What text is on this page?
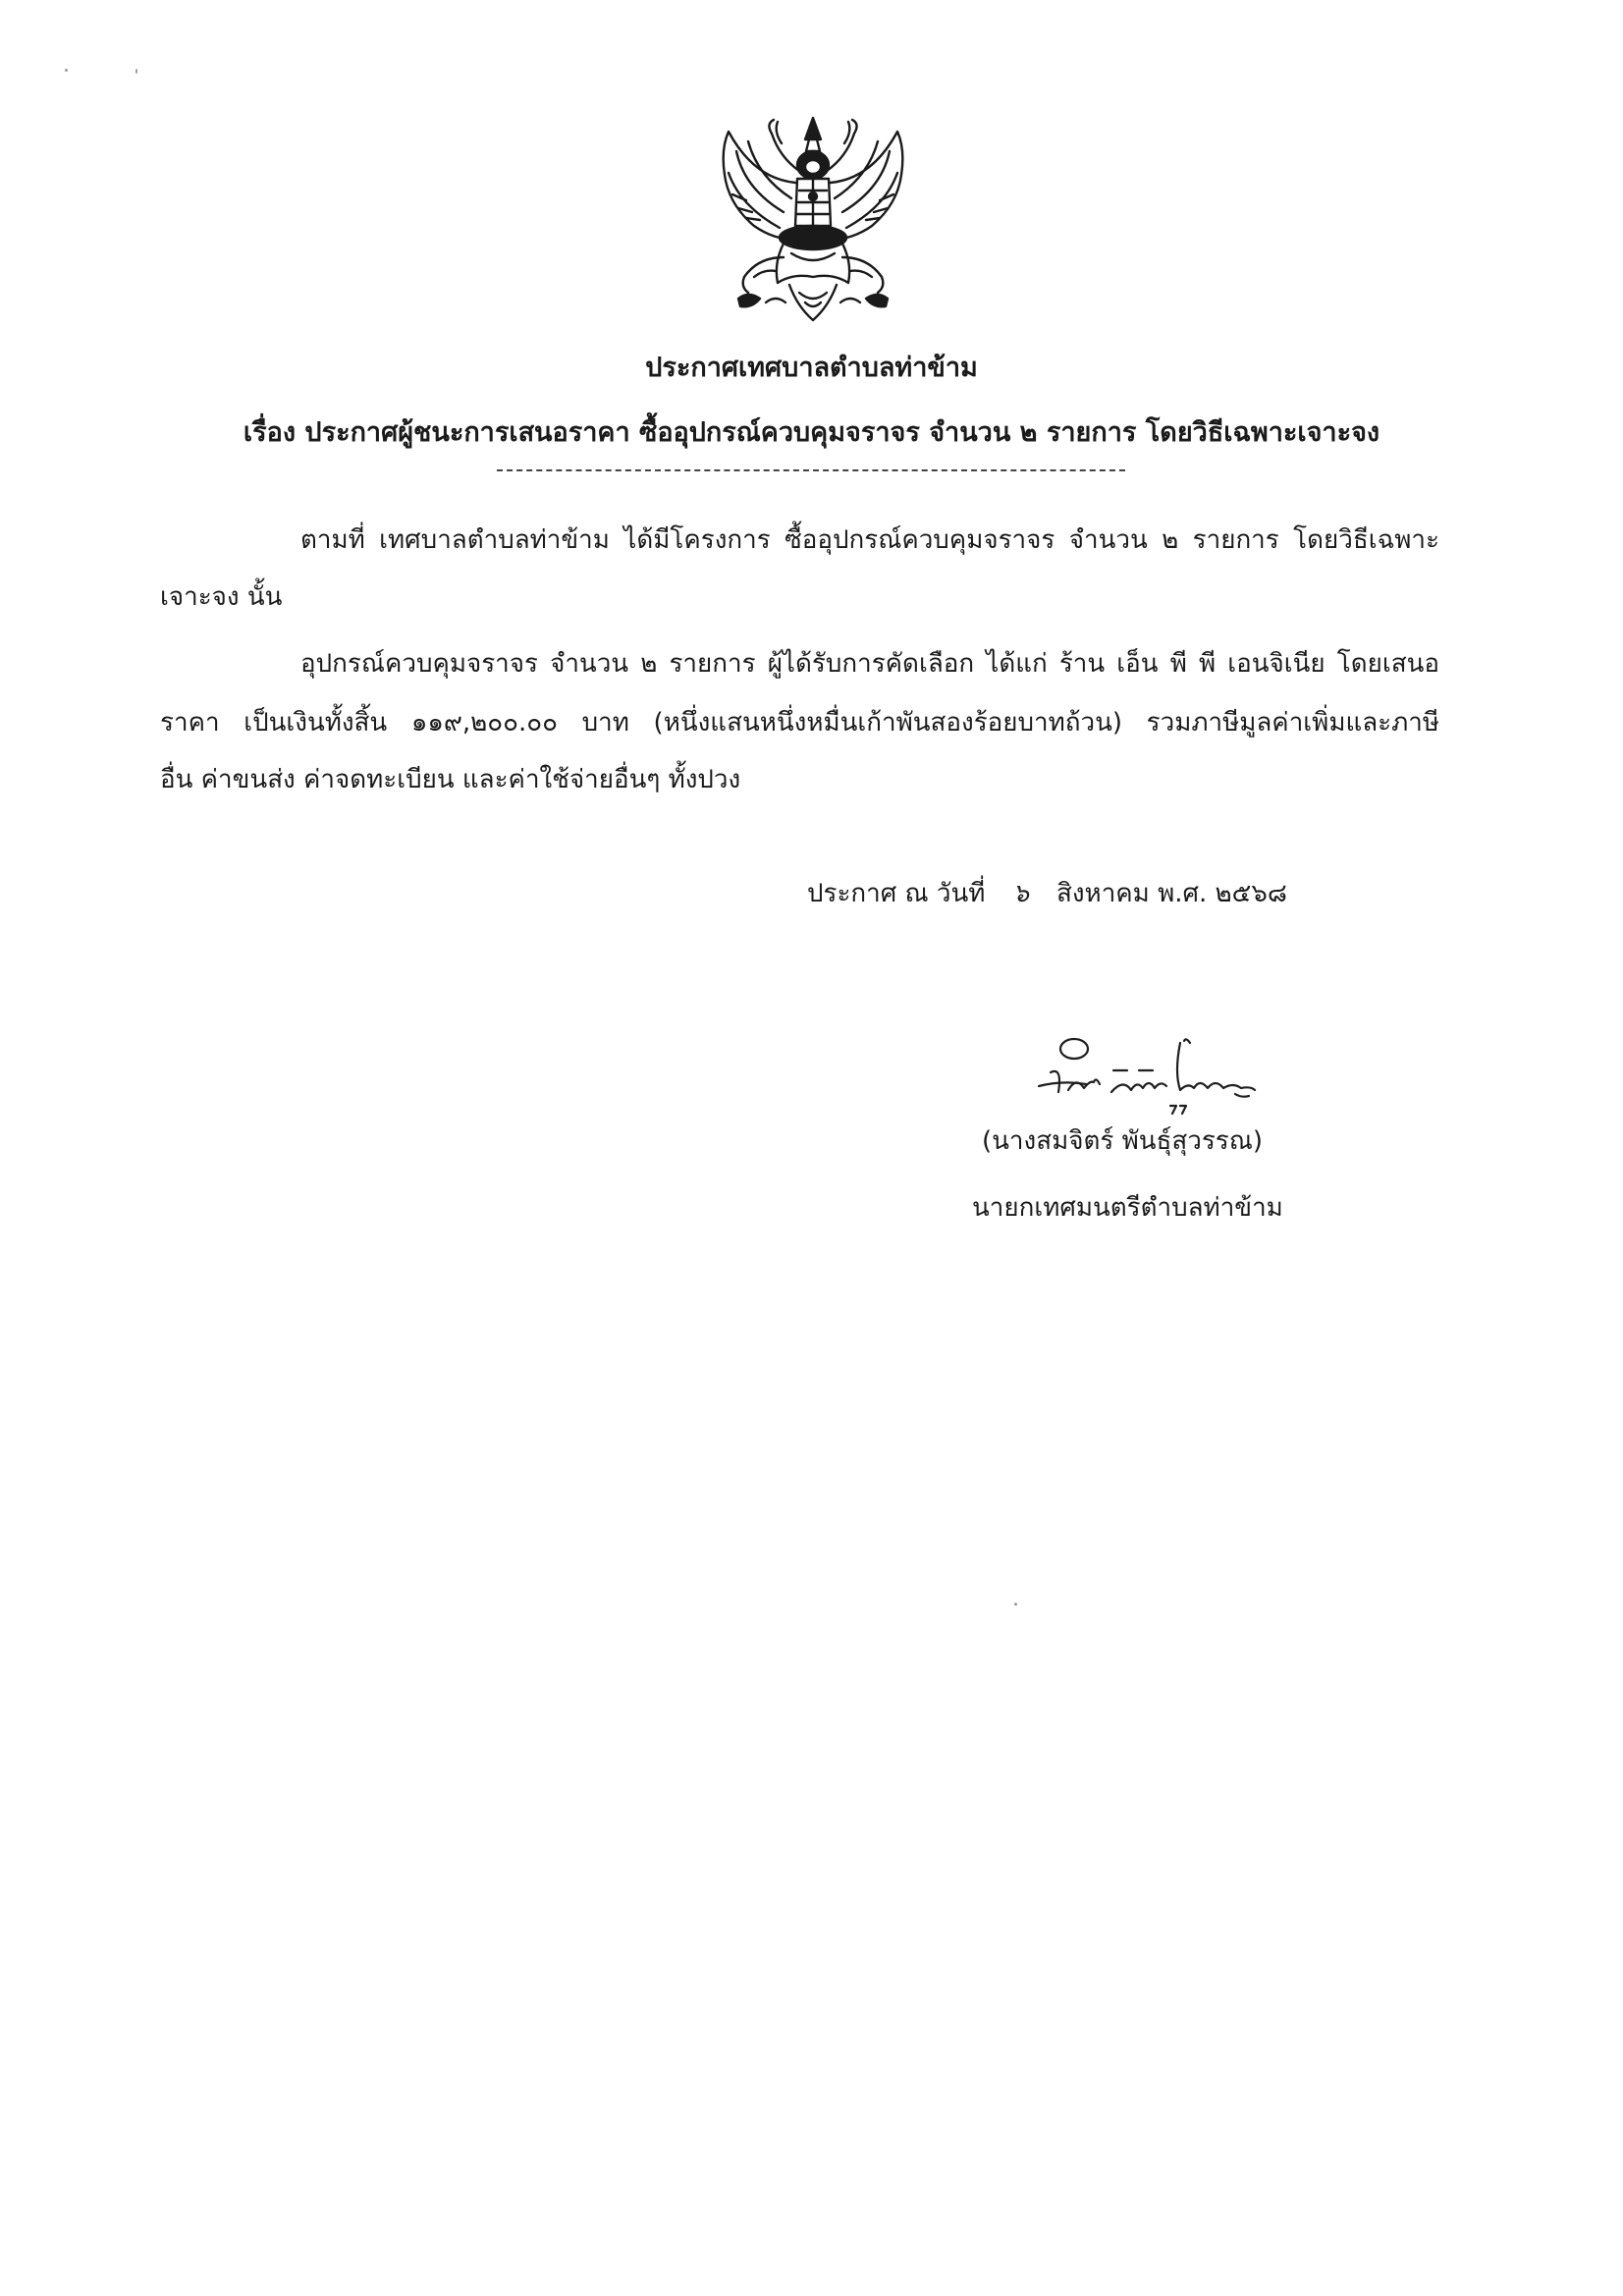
ประกาศเทศบาลตำบลท่าข้าม
เรื่อง ประกาศผู้ชนะการเสนอราคา ซื้ออุปกรณ์ควบคุมจราจร จำนวน ๒ รายการ โดยวิธีเฉพาะเจาะจง
ตามที่ เทศบาลตำบลท่าข้าม ได้มีโครงการ ซื้ออุปกรณ์ควบคุมจราจร จำนวน ๒ รายการ โดยวิธีเฉพาะ
เจาะจง นั้น
อุปกรณ์ควบคุมจราจร จำนวน ๒ รายการ ผู้ได้รับการคัดเลือก ได้แก่ ร้าน เอ็น พี พี เอนจิเนีย โดยเสนอ
ราคา เป็นเงินทั้งสิ้น ๑๑๙,๒๐๐.๐๐ บาท (หนึ่งแสนหนึ่งหมื่นเก้าพันสองร้อยบาทถ้วน) รวมภาษีมูลค่าเพิ่มและภาษี
อื่น ค่าขนส่ง ค่าจดทะเบียน และค่าใช้จ่ายอื่นๆ ทั้งปวง
ประกาศ ณ วันที่ ๖ สิงหาคม พ.ศ. ๒๕๖๘
(นางสมจิตร์ พันธุ์สุวรรณ)
นายกเทศมนตรีตำบลท่าข้าม
